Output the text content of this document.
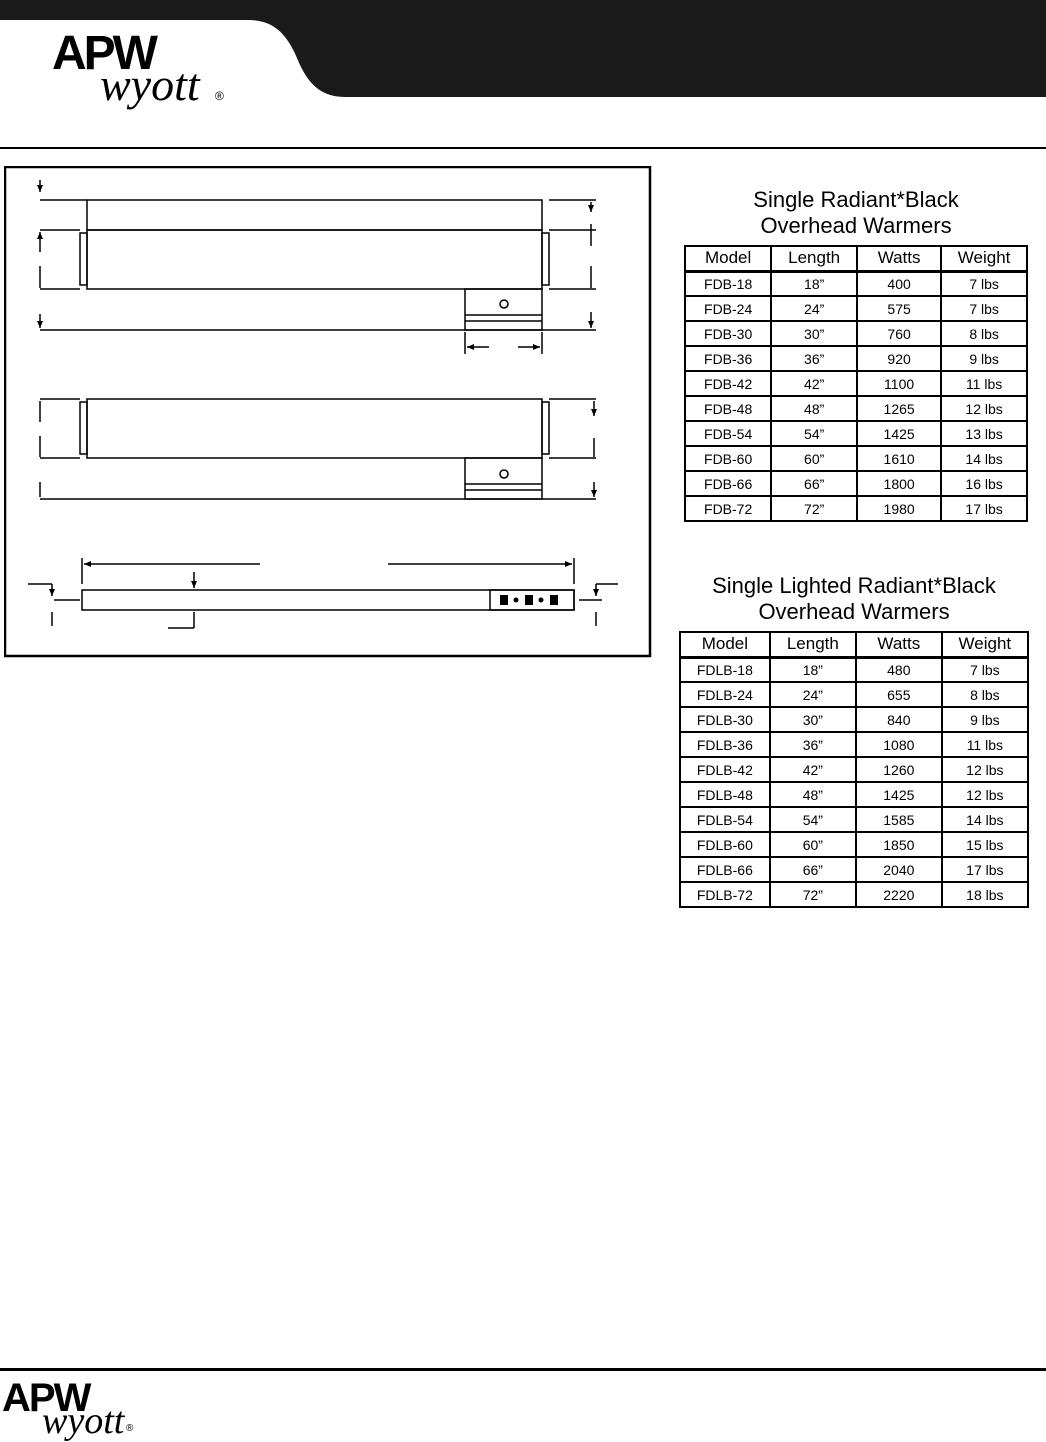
APW
wyott ®
Single Radiant*Black
Overhead Warmers
Model	Length	Watts	Weight
FDB-18	18”	400	7 lbs
FDB-24	24”	575	7 lbs
FDB-30	30”	760	8 lbs
FDB-36	36”	920	9 lbs
FDB-42	42”	1100	11 lbs
FDB-48	48”	1265	12 lbs
FDB-54	54”	1425	13 lbs
FDB-60	60”	1610	14 lbs
FDB-66	66”	1800	16 lbs
FDB-72	72”	1980	17 lbs
Single Lighted Radiant*Black
Overhead Warmers
Model	Length	Watts	Weight
FDLB-18	18”	480	7 lbs
FDLB-24	24”	655	8 lbs
FDLB-30	30”	840	9 lbs
FDLB-36	36”	1080	11 lbs
FDLB-42	42”	1260	12 lbs
FDLB-48	48”	1425	12 lbs
FDLB-54	54”	1585	14 lbs
FDLB-60	60”	1850	15 lbs
FDLB-66	66”	2040	17 lbs
FDLB-72	72”	2220	18 lbs
APW
wyott ®
